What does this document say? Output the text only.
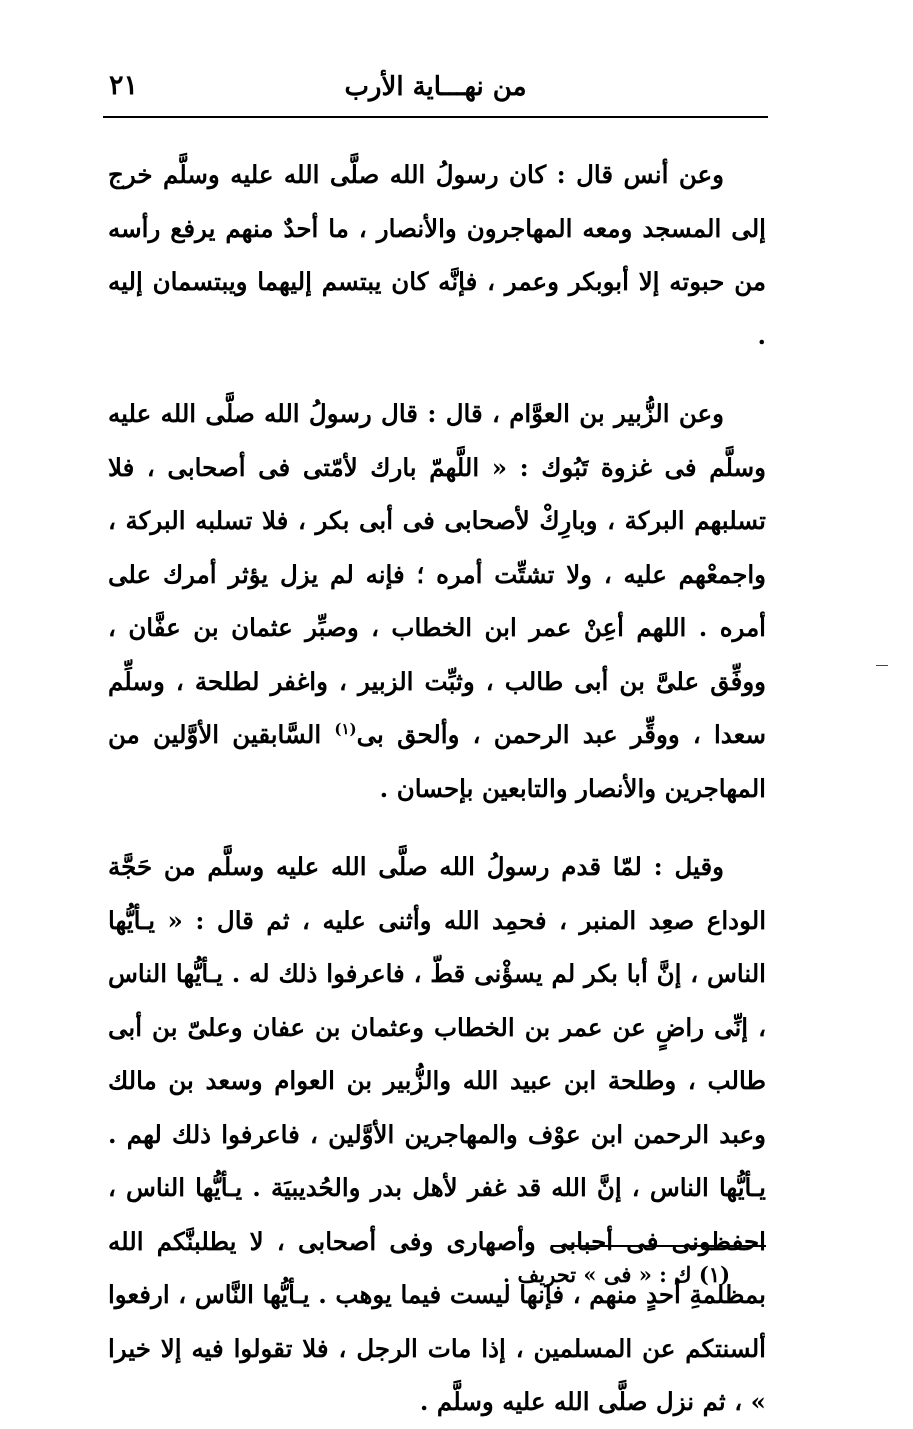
٢١	من نهـــاية الأرب

وعن أنس قال : كان رسولُ الله صلَّى الله عليه وسلَّم خرج إلى المسجد ومعه المهاجرون والأنصار ، ما أحدٌ منهم يرفع رأسه من حبوته إلا أبوبكر وعمر ، فإنَّه كان يبتسم إليهما ويبتسمان إليه .

وعن الزُّبير بن العوَّام ، قال : قال رسولُ الله صلَّى الله عليه وسلَّم فى غزوة تَبُوك : « اللَّهمّ بارك لأمّتى فى أصحابى ، فلا تسلبهم البركة ، وبارِكْ لأصحابى فى أبى بكر ، فلا تسلبه البركة ، واجمعْهم عليه ، ولا تشتِّت أمره ؛ فإنه لم يزل يؤثر أمرك على أمره . اللهم أعِنْ عمر ابن الخطاب ، وصبِّر عثمان بن عفَّان ، ووفِّق علىَّ بن أبى طالب ، وثبِّت الزبير ، واغفر لطلحة ، وسلِّم سعدا ، ووقِّر عبد الرحمن ، وألحق بى$^{(١)}$ السَّابقين الأوَّلين من المهاجرين والأنصار والتابعين بإحسان .

وقيل : لمّا قدم رسولُ الله صلَّى الله عليه وسلَّم من حَجَّة الوداع صعِد المنبر ، فحمِد الله وأثنى عليه ، ثم قال : « يـأيُّها الناس ، إنَّ أبا بكر لم يسؤْنى قطّ ، فاعرفوا ذلك له . يـأيُّها الناس ، إنِّى راضٍ عن عمر بن الخطاب وعثمان بن عفان وعلىّ بن أبى طالب ، وطلحة ابن عبيد الله والزُّبير بن العوام وسعد بن مالك وعبد الرحمن ابن عوْف والمهاجرين الأوَّلين ، فاعرفوا ذلك لهم . يـأيُّها الناس ، إنَّ الله قد غفر لأهل بدر والحُديبيَة . يـأيُّها الناس ، احفظونى فى أحبابى وأصهارى وفى أصحابى ، لا يطلبنَّكم الله بمظلمةِ أحدٍ منهم ، فإنها ليست فيما يوهب . يـأيُّها النَّاس ، ارفعوا ألسنتكم عن المسلمين ، إذا مات الرجل ، فلا تقولوا فيه إلا خيرا » ، ثم نزل صلَّى الله عليه وسلَّم .

(١) ك : « فى » تحريف .
